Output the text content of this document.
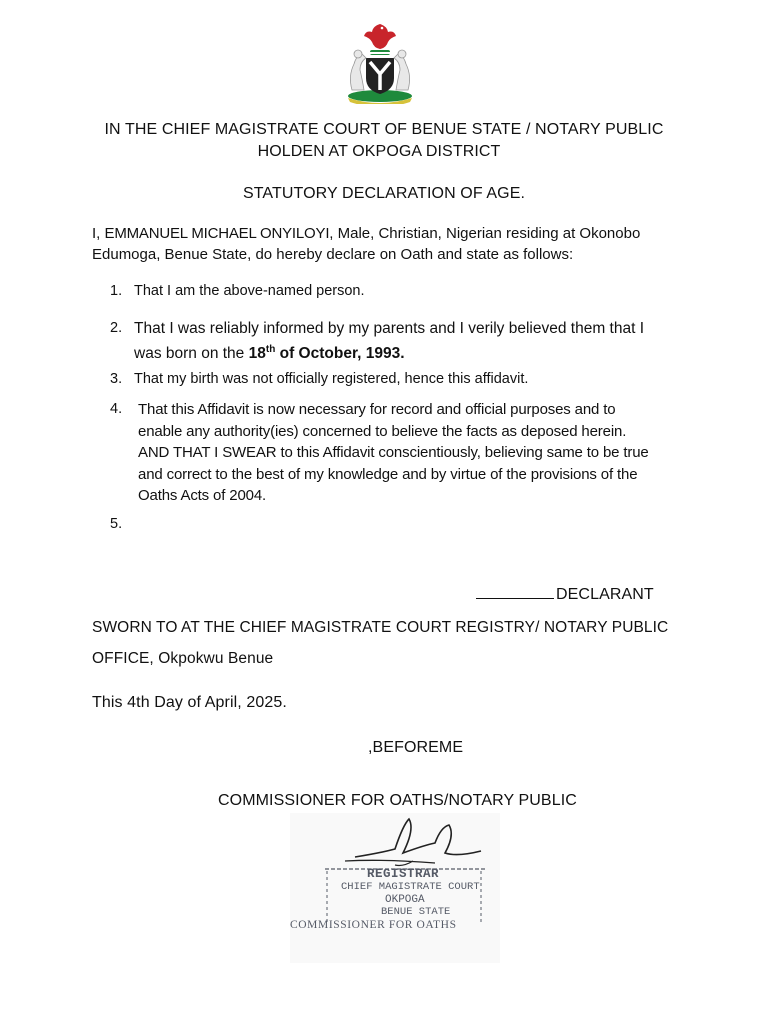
IN THE CHIEF MAGISTRATE COURT OF BENUE STATE / NOTARY PUBLIC
HOLDEN AT OKPOGA DISTRICT
STATUTORY DECLARATION OF AGE.
I, EMMANUEL MICHAEL ONYILOYI, Male, Christian, Nigerian residing at Okonobo
Edumoga, Benue State, do hereby declare on Oath and state as follows:
1. That I am the above-named person.
2. That I was reliably informed by my parents and I verily believed them that I
was born on the 18th of October, 1993.
3. That my birth was not officially registered, hence this affidavit.
4. That this Affidavit is now necessary for record and official purposes and to
enable any authority(ies) concerned to believe the facts as deposed herein.
AND THAT I SWEAR to this Affidavit conscientiously, believing same to be true
and correct to the best of my knowledge and by virtue of the provisions of the
Oaths Acts of 2004.
5.
DECLARANT
SWORN TO AT THE CHIEF MAGISTRATE COURT REGISTRY/ NOTARY PUBLIC
OFFICE, Okpokwu Benue
This 4th Day of April, 2025.
,BEFOREME
COMMISSIONER FOR OATHS/NOTARY PUBLIC
REGISTRAR
CHIEF MAGISTRATE COURT
OKPOGA
BENUE STATE
COMMISSIONER FOR OATHS
